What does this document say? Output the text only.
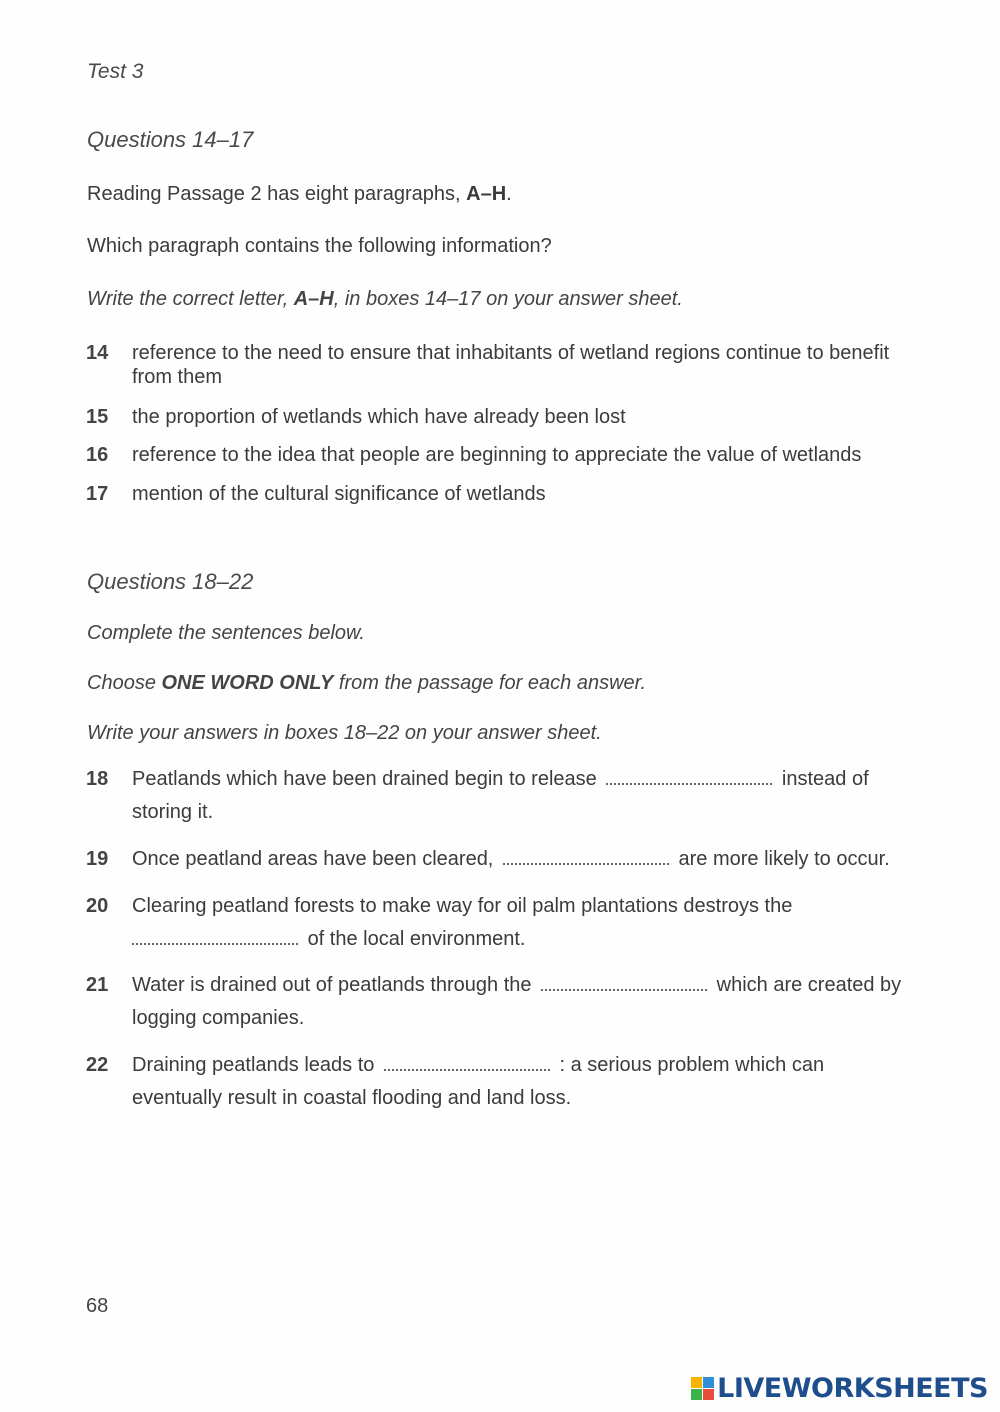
Test 3
Questions 14–17
Reading Passage 2 has eight paragraphs, A–H.
Which paragraph contains the following information?
Write the correct letter, A–H, in boxes 14–17 on your answer sheet.
14 reference to the need to ensure that inhabitants of wetland regions continue to benefit from them
15 the proportion of wetlands which have already been lost
16 reference to the idea that people are beginning to appreciate the value of wetlands
17 mention of the cultural significance of wetlands
Questions 18–22
Complete the sentences below.
Choose ONE WORD ONLY from the passage for each answer.
Write your answers in boxes 18–22 on your answer sheet.
18 Peatlands which have been drained begin to release	instead of storing it.
19 Once peatland areas have been cleared,	are more likely to occur.
20 Clearing peatland forests to make way for oil palm plantations destroys the
of the local environment.
21 Water is drained out of peatlands through the	which are created by logging companies.
22 Draining peatlands leads to	: a serious problem which can eventually result in coastal flooding and land loss.
68
LIVEWORKSHEETS
